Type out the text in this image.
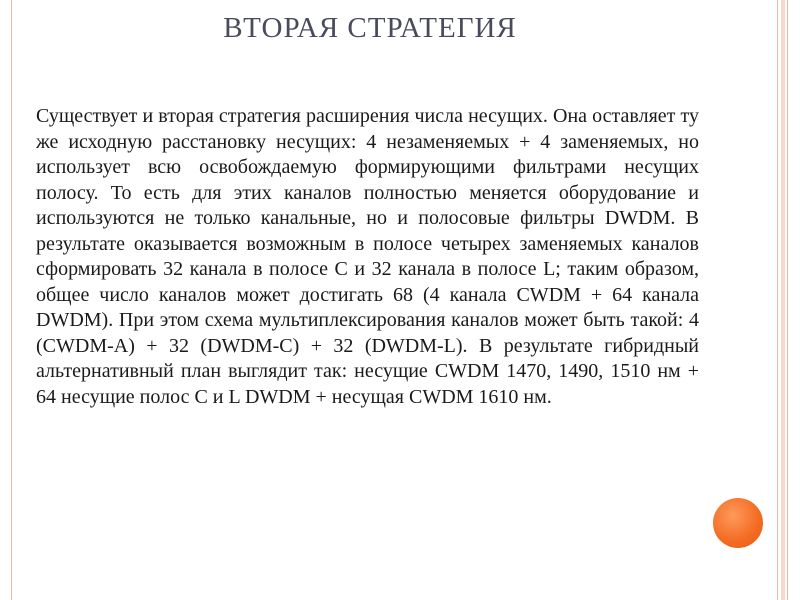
ВТОРАЯ СТРАТЕГИЯ
Существует и вторая стратегия расширения числа несущих. Она оставляет ту же исходную расстановку несущих: 4 незаменяемых + 4 заменяемых, но использует всю освобождаемую формирующими фильтрами несущих полосу. То есть для этих каналов полностью меняется оборудование и используются не только канальные, но и полосовые фильтры DWDM. В результате оказывается возможным в полосе четырех заменяемых каналов сформировать 32 канала в полосе C и 32 канала в полосе L; таким образом, общее число каналов может достигать 68 (4 канала CWDM + 64 канала DWDM). При этом схема мультиплексирования каналов может быть такой: 4 (CWDM-A) + 32 (DWDM-C) + 32 (DWDM-L). В результате гибридный альтернативный план выглядит так: несущие CWDM 1470, 1490, 1510 нм + 64 несущие полос C и L DWDM + несущая CWDM 1610 нм.
